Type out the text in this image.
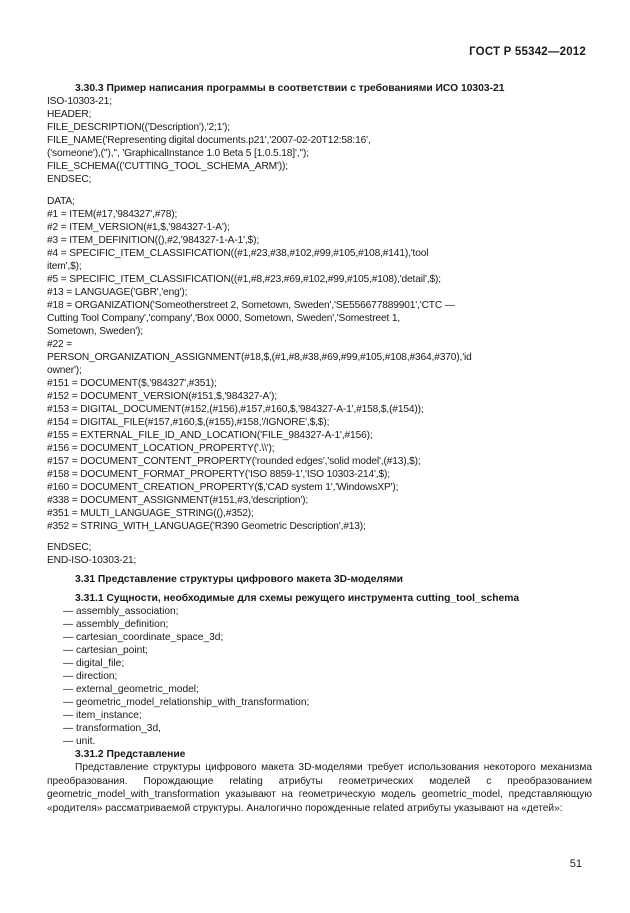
ГОСТ Р 55342—2012

3.30.3 Пример написания программы в соответствии с требованиями ИСО 10303-21

ISO-10303-21;
HEADER;
FILE_DESCRIPTION(('Description'),'2;1');
FILE_NAME('Representing digital documents.p21','2007-02-20T12:58:16',
('someone'),(''),'', 'GraphicalInstance 1.0 Beta 5 [1.0.5.18]','');
FILE_SCHEMA(('CUTTING_TOOL_SCHEMA_ARM'));
ENDSEC;
DATA;
#1 = ITEM(#17,'984327',#78);
#2 = ITEM_VERSION(#1,$,'984327-1-A');
#3 = ITEM_DEFINITION((),#2,'984327-1-A-1',$);
#4 = SPECIFIC_ITEM_CLASSIFICATION((#1,#23,#38,#102,#99,#105,#108,#141),'tool
item',$);
#5 = SPECIFIC_ITEM_CLASSIFICATION((#1,#8,#23,#69,#102,#99,#105,#108),'detail',$);
#13 = LANGUAGE('GBR','eng');
#18 = ORGANIZATION('Someotherstreet 2, Sometown, Sweden','SE556677889901','CTC —
Cutting Tool Company','company','Box 0000, Sometown, Sweden','Somestreet 1,
Sometown, Sweden');
#22 =
PERSON_ORGANIZATION_ASSIGNMENT(#18,$,(#1,#8,#38,#69,#99,#105,#108,#364,#370),'id
owner');
#151 = DOCUMENT($,'984327',#351);
#152 = DOCUMENT_VERSION(#151,$,'984327-A');
#153 = DIGITAL_DOCUMENT(#152,(#156),#157,#160,$,'984327-A-1',#158,$,(#154));
#154 = DIGITAL_FILE(#157,#160,$,(#155),#158,'/IGNORE',$,$);
#155 = EXTERNAL_FILE_ID_AND_LOCATION('FILE_984327-A-1',#156);
#156 = DOCUMENT_LOCATION_PROPERTY('.\\');
#157 = DOCUMENT_CONTENT_PROPERTY('rounded edges','solid model',(#13),$);
#158 = DOCUMENT_FORMAT_PROPERTY('ISO 8859-1','ISO 10303-214',$);
#160 = DOCUMENT_CREATION_PROPERTY($,'CAD system 1','WindowsXP');
#338 = DOCUMENT_ASSIGNMENT(#151,#3,'description');
#351 = MULTI_LANGUAGE_STRING((),#352);
#352 = STRING_WITH_LANGUAGE('R390 Geometric Description',#13);
ENDSEC;
END-ISO-10303-21;

3.31 Представление структуры цифрового макета 3D-моделями

3.31.1 Сущности, необходимые для схемы режущего инструмента cutting_tool_schema

— assembly_association;
— assembly_definition;
— cartesian_coordinate_space_3d;
— cartesian_point;
— digital_file;
— direction;
— external_geometric_model;
— geometric_model_relationship_with_transformation;
— item_instance;
— transformation_3d,
— unit.

3.31.2 Представление

Представление структуры цифрового макета 3D-моделями требует использования некоторого механизма преобразования. Порождающие relating атрибуты геометрических моделей с преобразованием geometric_model_with_transformation указывают на геометрическую модель geometric_model, представляющую «родителя» рассматриваемой структуры. Аналогично порожденные related атрибуты указывают на «детей»:

51
